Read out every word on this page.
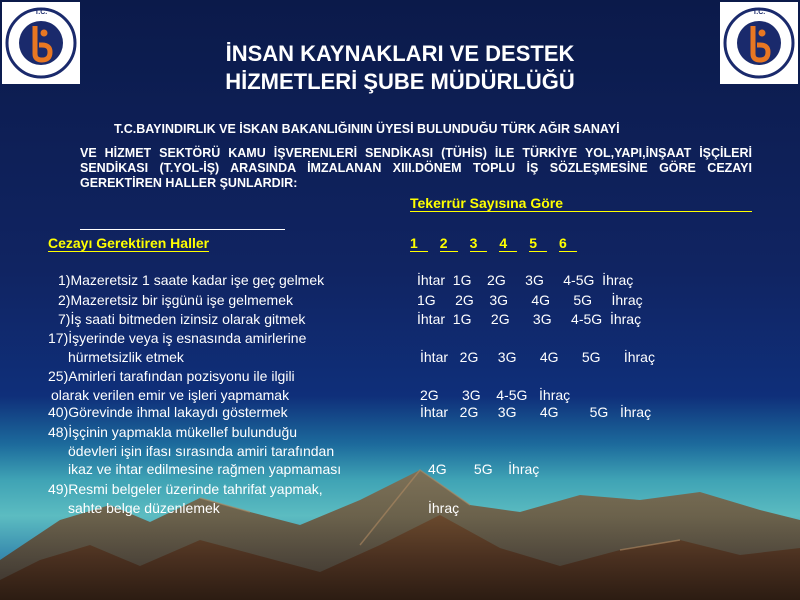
T.C.	T.C.
İNSAN KAYNAKLARI VE DESTEK
HİZMETLERİ ŞUBE MÜDÜRLÜĞÜ
T.C.BAYINDIRLIK VE İSKAN BAKANLIĞININ ÜYESİ BULUNDUĞU TÜRK AĞIR SANAYİ
VE HİZMET SEKTÖRÜ KAMU İŞVERENLERİ SENDİKASI (TÜHİS) İLE TÜRKİYE YOL,YAPI,İNŞAAT İŞÇİLERİ SENDİKASI (T.YOL-İŞ) ARASINDA İMZALANAN XIII.DÖNEM TOPLU İŞ SÖZLEŞMESİNE GÖRE CEZAYI GEREKTİREN HALLER ŞUNLARDIR:
Tekerrür Sayısına Göre
Cezayı Gerektiren Haller	1 2 3 4 5 6
1)Mazeretsiz 1 saate kadar işe geç gelmek	İhtar  1G    2G     3G     4-5G  İhraç
2)Mazeretsiz bir işgünü işe gelmemek	1G     2G    3G      4G      5G     İhraç
7)İş saati bitmeden izinsiz olarak gitmek	İhtar  1G     2G      3G     4-5G  İhraç
17)İşyerinde veya iş esnasında amirlerine
hürmetsizlik etmek	İhtar   2G     3G      4G      5G      İhraç
25)Amirleri tarafından pozisyonu ile ilgili
olarak verilen emir ve işleri yapmamak	2G      3G    4-5G   İhraç
40)Görevinde ihmal lakaydı göstermek	İhtar   2G     3G      4G        5G   İhraç
48)İşçinin yapmakla mükellef bulunduğu
ödevleri işin ifası sırasında amiri tarafından
ikaz ve ihtar edilmesine rağmen yapmaması	4G       5G    İhraç
49)Resmi belgeler üzerinde tahrifat yapmak,
sahte belge düzenlemek	İhraç
